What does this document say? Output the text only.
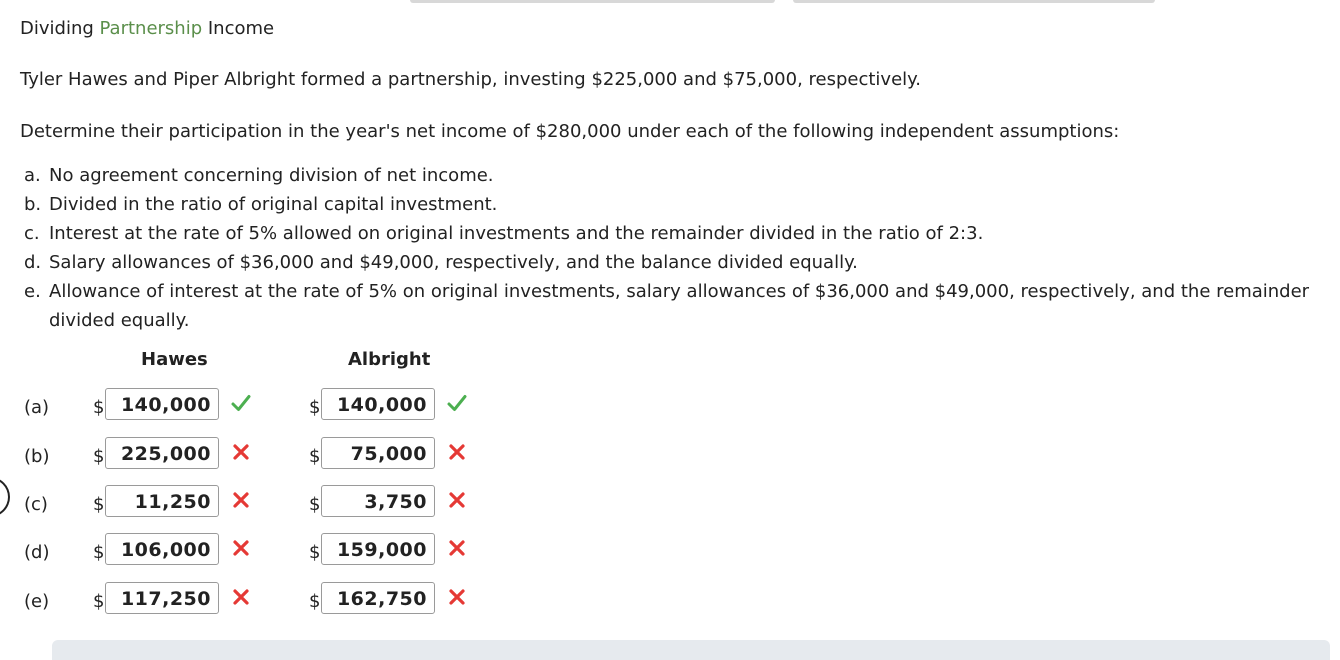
Dividing Partnership Income
Tyler Hawes and Piper Albright formed a partnership, investing $225,000 and $75,000, respectively.
Determine their participation in the year's net income of $280,000 under each of the following independent assumptions:
a. No agreement concerning division of net income.
b. Divided in the ratio of original capital investment.
c. Interest at the rate of 5% allowed on original investments and the remainder divided in the ratio of 2:3.
d. Salary allowances of $36,000 and $49,000, respectively, and the balance divided equally.
e. Allowance of interest at the rate of 5% on original investments, salary allowances of $36,000 and $49,000, respectively, and the remainder divided equally.
Hawes	Albright
(a) $ 140,000	$ 140,000
(b) $ 225,000	$	75,000
(c)	$	11,250	$	3,750
(d) $ 106,000	$ 159,000
(e) $ 117,250	$ 162,750
